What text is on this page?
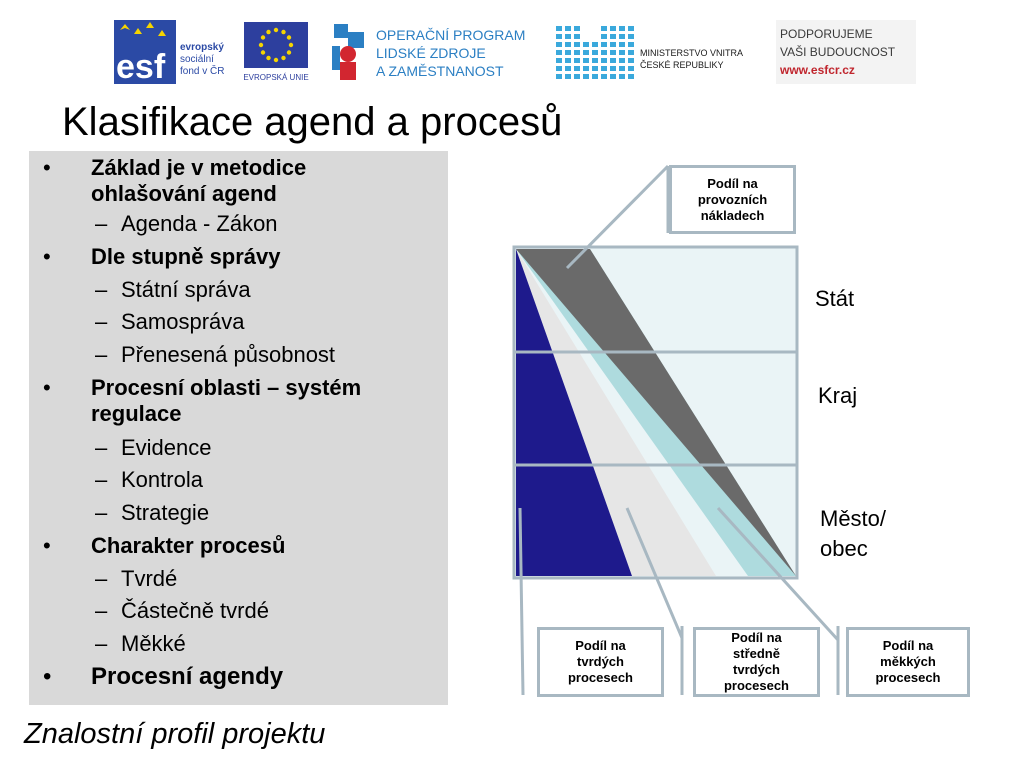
esf
evropský
sociální
fond v ČR
EVROPSKÁ UNIE
OPERAČNÍ PROGRAM
LIDSKÉ ZDROJE
A ZAMĚSTNANOST
MINISTERSTVO VNITRA
ČESKÉ REPUBLIKY
PODPORUJEME
VAŠI BUDOUCNOST
www.esfcr.cz
Klasifikace agend a procesů
• Základ je v metodice
ohlašování agend
– Agenda - Zákon
• Dle stupně správy
– Státní správa
– Samospráva
– Přenesená působnost
• Procesní oblasti – systém
regulace
– Evidence
– Kontrola
– Strategie
• Charakter procesů
– Tvrdé
– Částečně tvrdé
– Měkké
• Procesní agendy
Stát
Kraj
Město/
obec
Podíl na
provozních
nákladech
Podíl na
tvrdých
procesech
Podíl na
středně
tvrdých
procesech
Podíl na
měkkých
procesech
Znalostní profil projektu
